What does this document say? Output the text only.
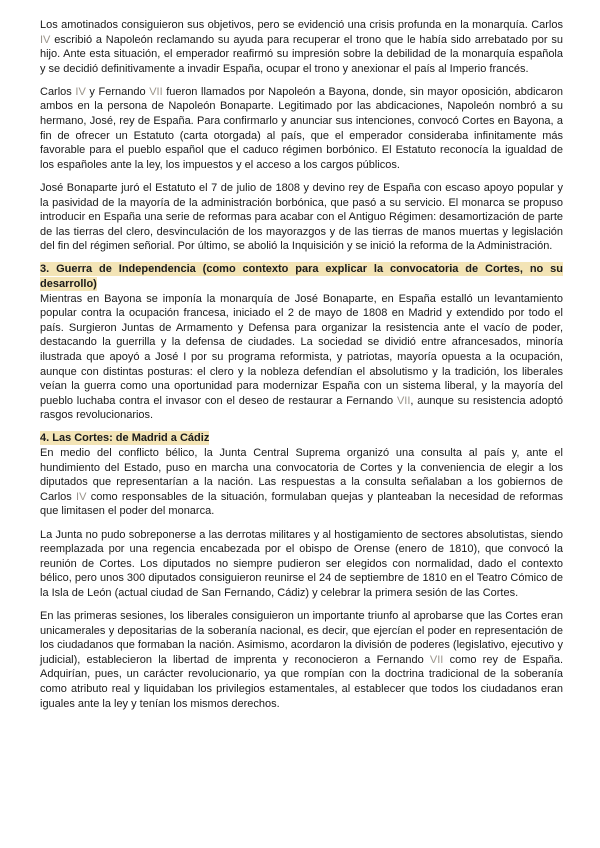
Los amotinados consiguieron sus objetivos, pero se evidenció una crisis profunda en la monarquía. Carlos IV escribió a Napoleón reclamando su ayuda para recuperar el trono que le había sido arrebatado por su hijo. Ante esta situación, el emperador reafirmó su impresión sobre la debilidad de la monarquía española y se decidió definitivamente a invadir España, ocupar el trono y anexionar el país al Imperio francés.

Carlos IV y Fernando VII fueron llamados por Napoleón a Bayona, donde, sin mayor oposición, abdicaron ambos en la persona de Napoleón Bonaparte. Legitimado por las abdicaciones, Napoleón nombró a su hermano, José, rey de España. Para confirmarlo y anunciar sus intenciones, convocó Cortes en Bayona, a fin de ofrecer un Estatuto (carta otorgada) al país, que el emperador consideraba infinitamente más favorable para el pueblo español que el caduco régimen borbónico. El Estatuto reconocía la igualdad de los españoles ante la ley, los impuestos y el acceso a los cargos públicos.

José Bonaparte juró el Estatuto el 7 de julio de 1808 y devino rey de España con escaso apoyo popular y la pasividad de la mayoría de la administración borbónica, que pasó a su servicio. El monarca se propuso introducir en España una serie de reformas para acabar con el Antiguo Régimen: desamortización de parte de las tierras del clero, desvinculación de los mayorazgos y de las tierras de manos muertas y legislación del fin del régimen señorial. Por último, se abolió la Inquisición y se inició la reforma de la Administración.

3. Guerra de Independencia (como contexto para explicar la convocatoria de Cortes, no su desarrollo)

Mientras en Bayona se imponía la monarquía de José Bonaparte, en España estalló un levantamiento popular contra la ocupación francesa, iniciado el 2 de mayo de 1808 en Madrid y extendido por todo el país. Surgieron Juntas de Armamento y Defensa para organizar la resistencia ante el vacío de poder, destacando la guerrilla y la defensa de ciudades. La sociedad se dividió entre afrancesados, minoría ilustrada que apoyó a José I por su programa reformista, y patriotas, mayoría opuesta a la ocupación, aunque con distintas posturas: el clero y la nobleza defendían el absolutismo y la tradición, los liberales veían la guerra como una oportunidad para modernizar España con un sistema liberal, y la mayoría del pueblo luchaba contra el invasor con el deseo de restaurar a Fernando VII, aunque su resistencia adoptó rasgos revolucionarios.

4. Las Cortes: de Madrid a Cádiz

En medio del conflicto bélico, la Junta Central Suprema organizó una consulta al país y, ante el hundimiento del Estado, puso en marcha una convocatoria de Cortes y la conveniencia de elegir a los diputados que representarían a la nación. Las respuestas a la consulta señalaban a los gobiernos de Carlos IV como responsables de la situación, formulaban quejas y planteaban la necesidad de reformas que limitasen el poder del monarca.

La Junta no pudo sobreponerse a las derrotas militares y al hostigamiento de sectores absolutistas, siendo reemplazada por una regencia encabezada por el obispo de Orense (enero de 1810), que convocó la reunión de Cortes. Los diputados no siempre pudieron ser elegidos con normalidad, dado el contexto bélico, pero unos 300 diputados consiguieron reunirse el 24 de septiembre de 1810 en el Teatro Cómico de la Isla de León (actual ciudad de San Fernando, Cádiz) y celebrar la primera sesión de las Cortes.

En las primeras sesiones, los liberales consiguieron un importante triunfo al aprobarse que las Cortes eran unicamerales y depositarias de la soberanía nacional, es decir, que ejercían el poder en representación de los ciudadanos que formaban la nación. Asimismo, acordaron la división de poderes (legislativo, ejecutivo y judicial), establecieron la libertad de imprenta y reconocieron a Fernando VII como rey de España. Adquirían, pues, un carácter revolucionario, ya que rompían con la doctrina tradicional de la soberanía como atributo real y liquidaban los privilegios estamentales, al establecer que todos los ciudadanos eran iguales ante la ley y tenían los mismos derechos.
